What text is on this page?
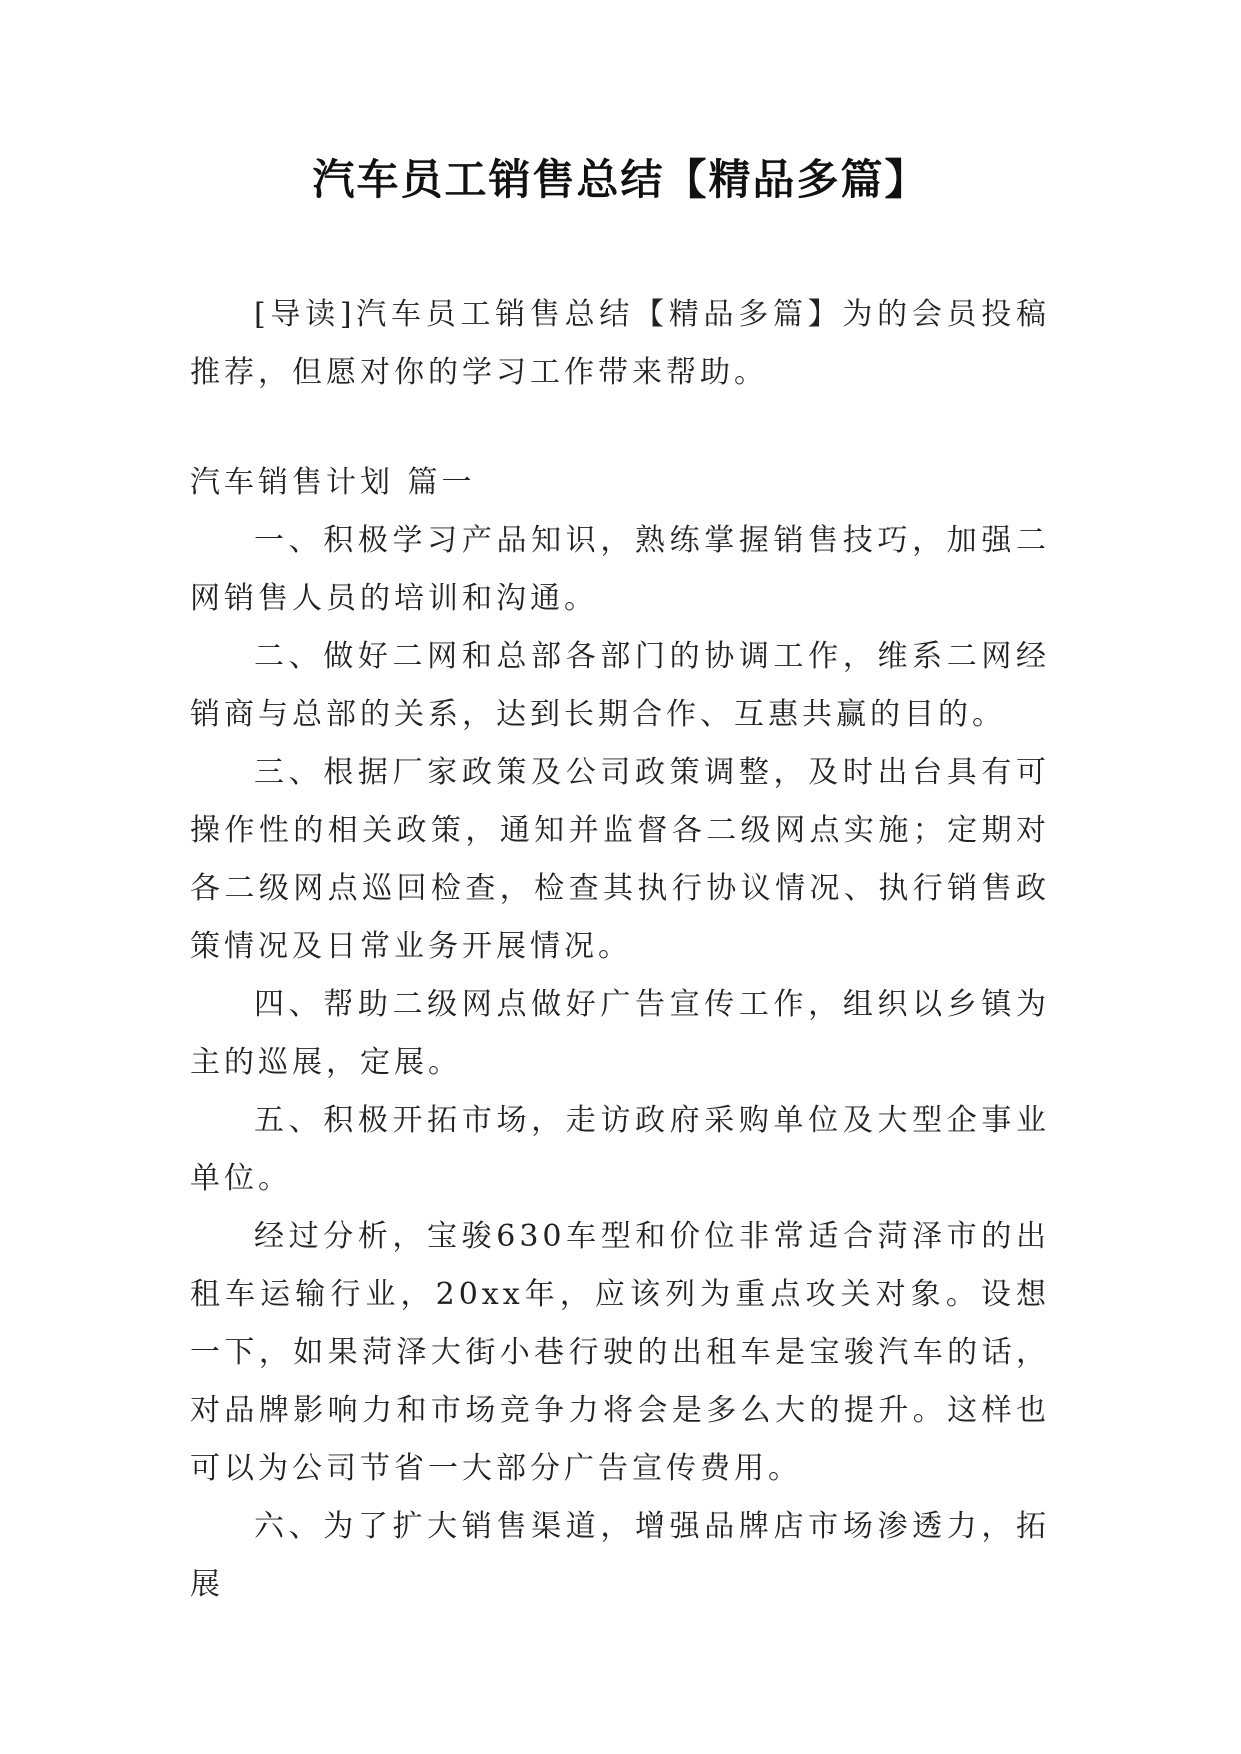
汽车员工销售总结【精品多篇】

[导读]汽车员工销售总结【精品多篇】为的会员投稿推荐，但愿对你的学习工作带来帮助。

汽车销售计划 篇一

一、积极学习产品知识，熟练掌握销售技巧，加强二网销售人员的培训和沟通。

二、做好二网和总部各部门的协调工作，维系二网经销商与总部的关系，达到长期合作、互惠共赢的目的。

三、根据厂家政策及公司政策调整，及时出台具有可操作性的相关政策，通知并监督各二级网点实施；定期对各二级网点巡回检查，检查其执行协议情况、执行销售政策情况及日常业务开展情况。

四、帮助二级网点做好广告宣传工作，组织以乡镇为主的巡展，定展。

五、积极开拓市场，走访政府采购单位及大型企事业单位。

经过分析，宝骏630车型和价位非常适合菏泽市的出租车运输行业，20xx年，应该列为重点攻关对象。设想一下，如果菏泽大街小巷行驶的出租车是宝骏汽车的话，对品牌影响力和市场竞争力将会是多么大的提升。这样也可以为公司节省一大部分广告宣传费用。

六、为了扩大销售渠道，增强品牌店市场渗透力，拓展
